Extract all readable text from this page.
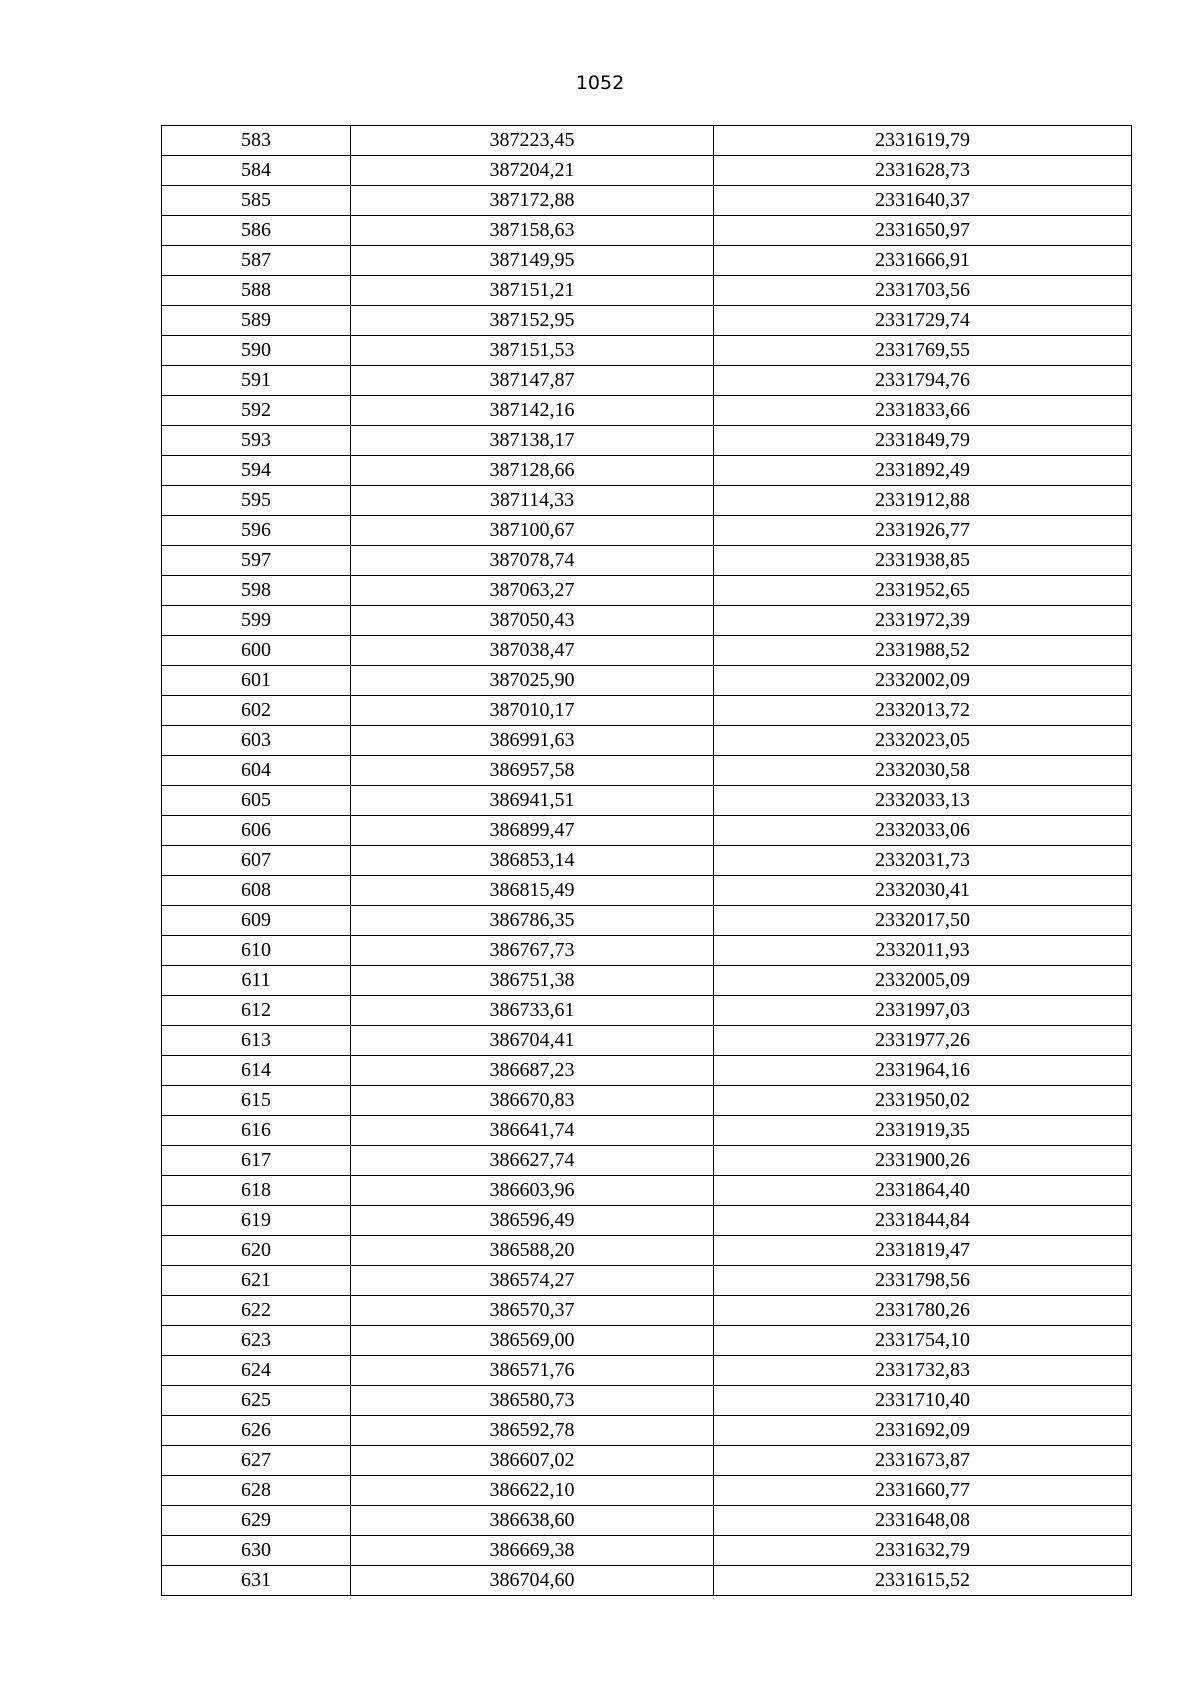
1052
583	387223,45	2331619,79
584	387204,21	2331628,73
585	387172,88	2331640,37
586	387158,63	2331650,97
587	387149,95	2331666,91
588	387151,21	2331703,56
589	387152,95	2331729,74
590	387151,53	2331769,55
591	387147,87	2331794,76
592	387142,16	2331833,66
593	387138,17	2331849,79
594	387128,66	2331892,49
595	387114,33	2331912,88
596	387100,67	2331926,77
597	387078,74	2331938,85
598	387063,27	2331952,65
599	387050,43	2331972,39
600	387038,47	2331988,52
601	387025,90	2332002,09
602	387010,17	2332013,72
603	386991,63	2332023,05
604	386957,58	2332030,58
605	386941,51	2332033,13
606	386899,47	2332033,06
607	386853,14	2332031,73
608	386815,49	2332030,41
609	386786,35	2332017,50
610	386767,73	2332011,93
611	386751,38	2332005,09
612	386733,61	2331997,03
613	386704,41	2331977,26
614	386687,23	2331964,16
615	386670,83	2331950,02
616	386641,74	2331919,35
617	386627,74	2331900,26
618	386603,96	2331864,40
619	386596,49	2331844,84
620	386588,20	2331819,47
621	386574,27	2331798,56
622	386570,37	2331780,26
623	386569,00	2331754,10
624	386571,76	2331732,83
625	386580,73	2331710,40
626	386592,78	2331692,09
627	386607,02	2331673,87
628	386622,10	2331660,77
629	386638,60	2331648,08
630	386669,38	2331632,79
631	386704,60	2331615,52
